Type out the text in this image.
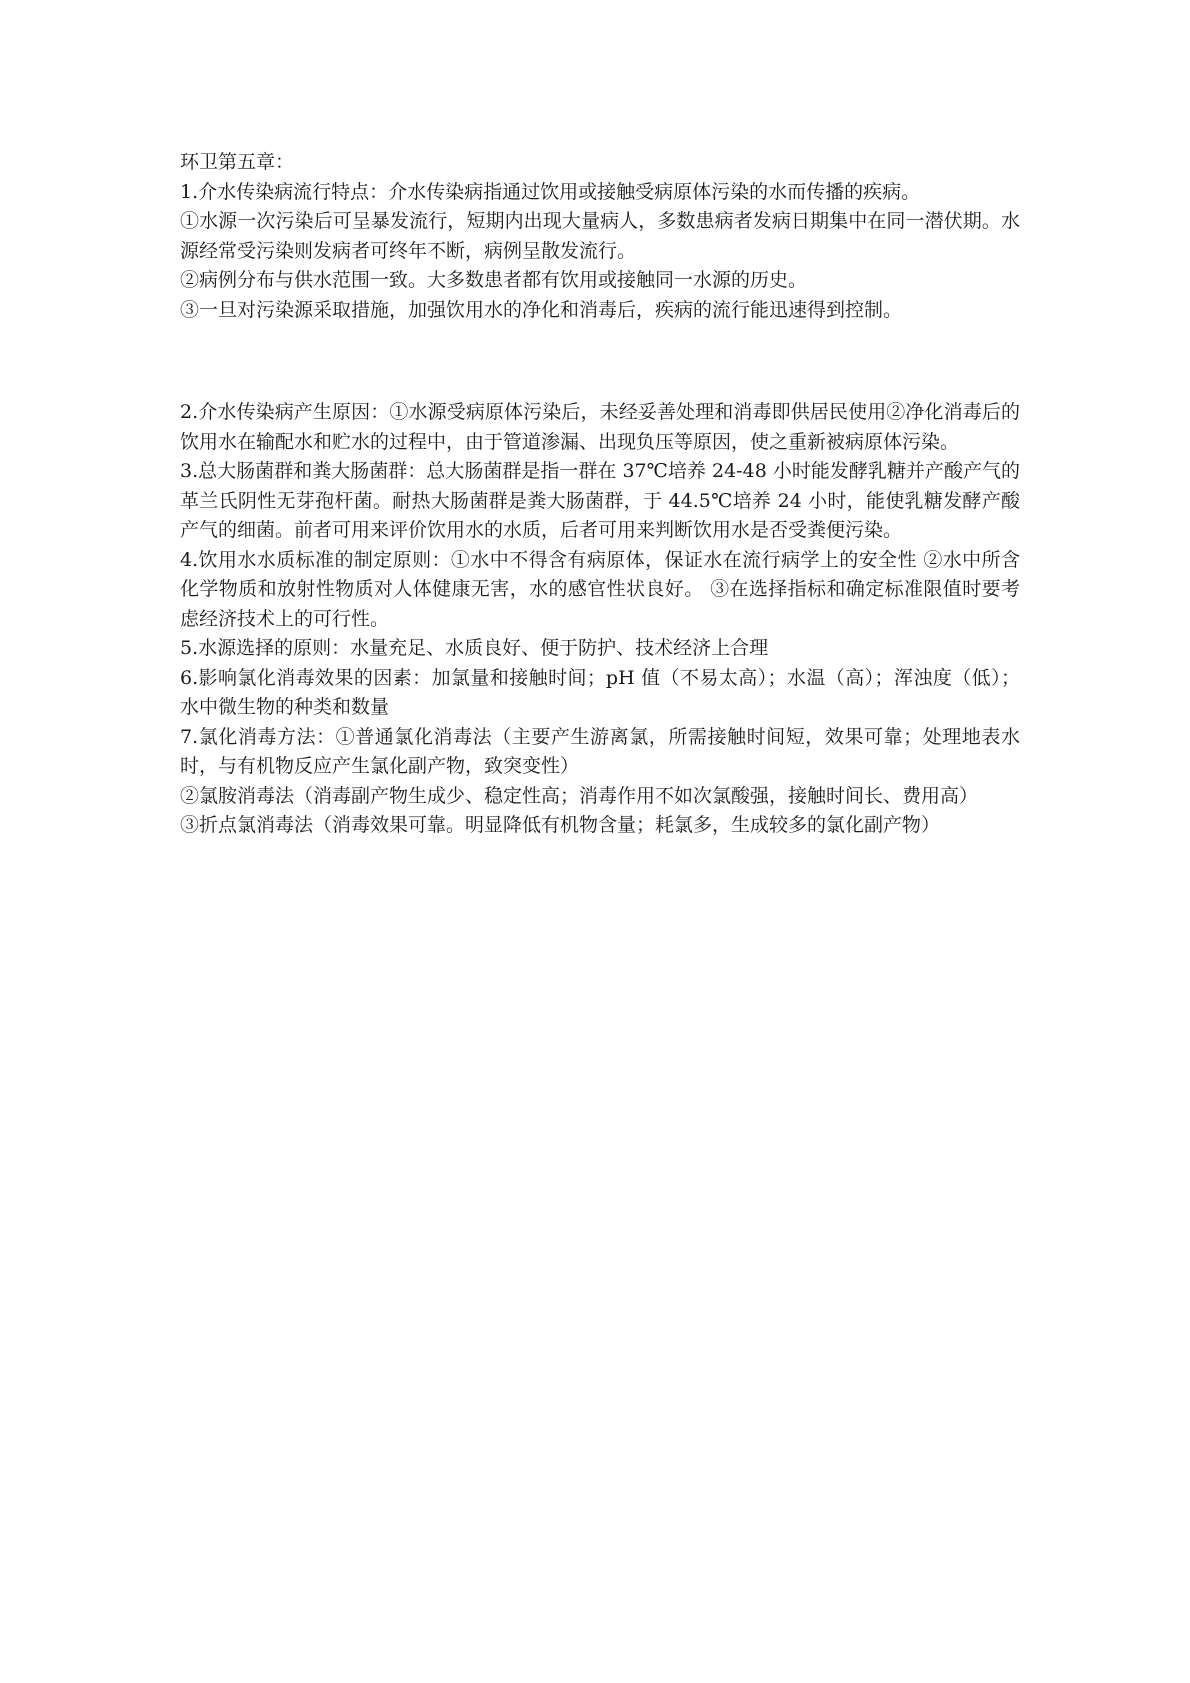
环卫第五章：

1.介水传染病流行特点：介水传染病指通过饮用或接触受病原体污染的水而传播的疾病。

①水源一次污染后可呈暴发流行，短期内出现大量病人，多数患病者发病日期集中在同一潜伏期。水源经常受污染则发病者可终年不断，病例呈散发流行。

②病例分布与供水范围一致。大多数患者都有饮用或接触同一水源的历史。

③一旦对污染源采取措施，加强饮用水的净化和消毒后，疾病的流行能迅速得到控制。

2.介水传染病产生原因：①水源受病原体污染后，未经妥善处理和消毒即供居民使用②净化消毒后的饮用水在输配水和贮水的过程中，由于管道渗漏、出现负压等原因，使之重新被病原体污染。

3.总大肠菌群和粪大肠菌群：总大肠菌群是指一群在 37℃培养 24-48 小时能发酵乳糖并产酸产气的革兰氏阴性无芽孢杆菌。耐热大肠菌群是粪大肠菌群，于 44.5℃培养 24 小时，能使乳糖发酵产酸产气的细菌。前者可用来评价饮用水的水质，后者可用来判断饮用水是否受粪便污染。

4.饮用水水质标准的制定原则：①水中不得含有病原体，保证水在流行病学上的安全性 ②水中所含化学物质和放射性物质对人体健康无害，水的感官性状良好。 ③在选择指标和确定标准限值时要考虑经济技术上的可行性。

5.水源选择的原则：水量充足、水质良好、便于防护、技术经济上合理

6.影响氯化消毒效果的因素：加氯量和接触时间；pH 值（不易太高）；水温（高）；浑浊度（低）；水中微生物的种类和数量

7.氯化消毒方法：①普通氯化消毒法（主要产生游离氯，所需接触时间短，效果可靠；处理地表水时，与有机物反应产生氯化副产物，致突变性）

②氯胺消毒法（消毒副产物生成少、稳定性高；消毒作用不如次氯酸强，接触时间长、费用高）

③折点氯消毒法（消毒效果可靠。明显降低有机物含量；耗氯多，生成较多的氯化副产物）
